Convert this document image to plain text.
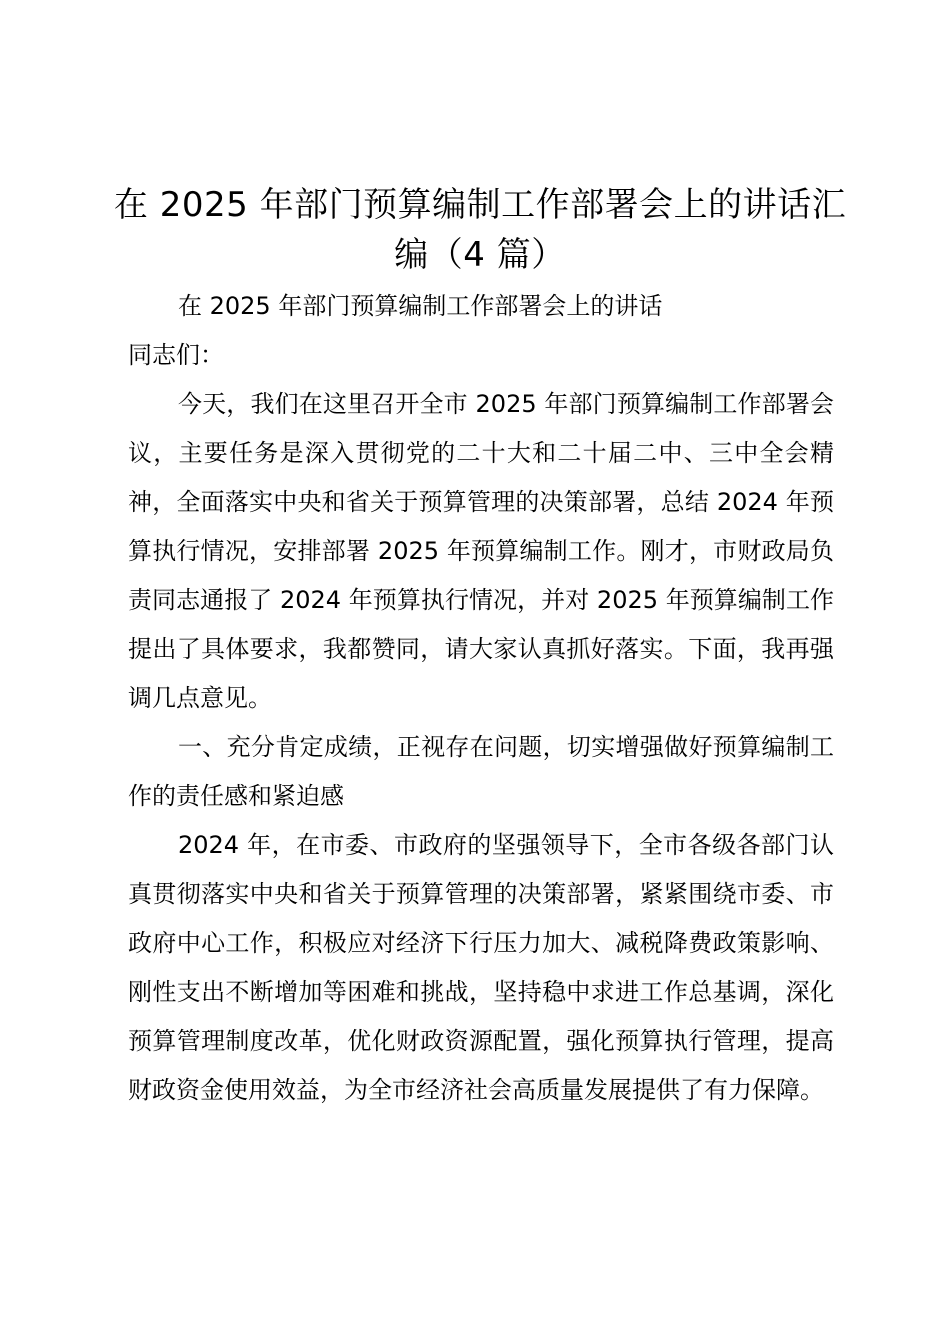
在 2025 年部门预算编制工作部署会上的讲话汇编（4 篇）

在 2025 年部门预算编制工作部署会上的讲话

同志们：

今天，我们在这里召开全市 2025 年部门预算编制工作部署会议，主要任务是深入贯彻党的二十大和二十届二中、三中全会精神，全面落实中央和省关于预算管理的决策部署，总结 2024 年预算执行情况，安排部署 2025 年预算编制工作。刚才，市财政局负责同志通报了 2024 年预算执行情况，并对 2025 年预算编制工作提出了具体要求，我都赞同，请大家认真抓好落实。下面，我再强调几点意见。

一、充分肯定成绩，正视存在问题，切实增强做好预算编制工作的责任感和紧迫感

2024 年，在市委、市政府的坚强领导下，全市各级各部门认真贯彻落实中央和省关于预算管理的决策部署，紧紧围绕市委、市政府中心工作，积极应对经济下行压力加大、减税降费政策影响、刚性支出不断增加等困难和挑战，坚持稳中求进工作总基调，深化预算管理制度改革，优化财政资源配置，强化预算执行管理，提高财政资金使用效益，为全市经济社会高质量发展提供了有力保障。
